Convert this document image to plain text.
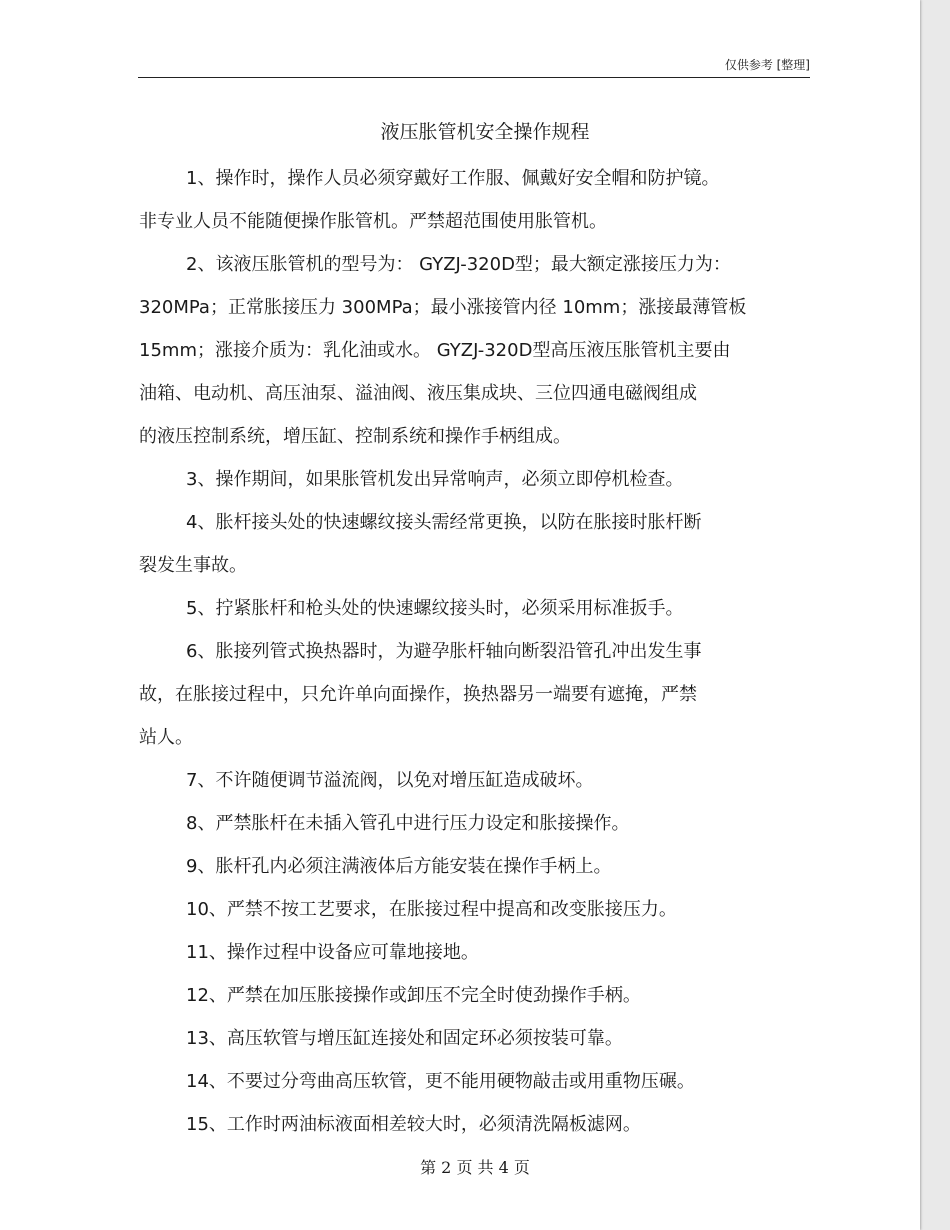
仅供参考 [整理]
液压胀管机安全操作规程
1、操作时，操作人员必须穿戴好工作服、佩戴好安全帽和防护镜。
非专业人员不能随便操作胀管机。严禁超范围使用胀管机。
2、该液压胀管机的型号为： GYZJ-320D型；最大额定涨接压力为：
320MPa；正常胀接压力 300MPa；最小涨接管内径 10mm；涨接最薄管板
15mm；涨接介质为：乳化油或水。 GYZJ-320D型高压液压胀管机主要由
油箱、电动机、高压油泵、溢油阀、液压集成块、三位四通电磁阀组成
的液压控制系统，增压缸、控制系统和操作手柄组成。
3、操作期间，如果胀管机发出异常响声，必须立即停机检查。
4、胀杆接头处的快速螺纹接头需经常更换，以防在胀接时胀杆断
裂发生事故。
5、拧紧胀杆和枪头处的快速螺纹接头时，必须采用标准扳手。
6、胀接列管式换热器时，为避孕胀杆轴向断裂沿管孔冲出发生事
故，在胀接过程中，只允许单向面操作，换热器另一端要有遮掩，严禁
站人。
7、不许随便调节溢流阀，以免对增压缸造成破坏。
8、严禁胀杆在未插入管孔中进行压力设定和胀接操作。
9、胀杆孔内必须注满液体后方能安装在操作手柄上。
10、严禁不按工艺要求，在胀接过程中提高和改变胀接压力。
11、操作过程中设备应可靠地接地。
12、严禁在加压胀接操作或卸压不完全时使劲操作手柄。
13、高压软管与增压缸连接处和固定环必须按装可靠。
14、不要过分弯曲高压软管，更不能用硬物敲击或用重物压碾。
15、工作时两油标液面相差较大时，必须清洗隔板滤网。
第 2 页 共 4 页
